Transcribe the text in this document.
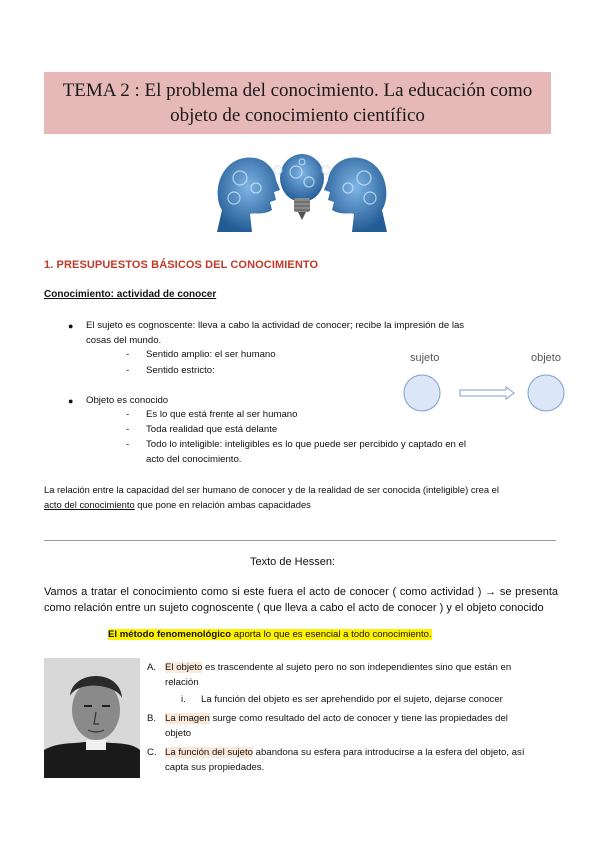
TEMA 2 : El problema del conocimiento. La educación como objeto de conocimiento científico
1. PRESUPUESTOS BÁSICOS DEL CONOCIMIENTO
Conocimiento: actividad de conocer
● El sujeto es cognoscente: lleva a cabo la actividad de conocer; recibe la impresión de las
cosas del mundo.
- Sentido amplio: el ser humano
- Sentido estricto:
● Objeto es conocido
- Es lo que está frente al ser humano
- Toda realidad que está delante
- Todo lo inteligible: inteligibles es lo que puede ser percibido y captado en el
acto del conocimiento.
sujeto	objeto
La relación entre la capacidad del ser humano de conocer y de la realidad de ser conocida (inteligible) crea el
acto del conocimiento que pone en relación ambas capacidades
Texto de Hessen:
Vamos a tratar el conocimiento como si este fuera el acto de conocer ( como actividad ) → se presenta como relación entre un sujeto cognoscente ( que lleva a cabo el acto de conocer ) y el objeto conocido
El método fenomenológico aporta lo que es esencial a todo conocimiento.
A. El objeto es trascendente al sujeto pero no son independientes sino que están en
relación
i. La función del objeto es ser aprehendido por el sujeto, dejarse conocer
B. La imagen surge como resultado del acto de conocer y tiene las propiedades del
objeto
C. La función del sujeto abandona su esfera para introducirse a la esfera del objeto, así
capta sus propiedades.
